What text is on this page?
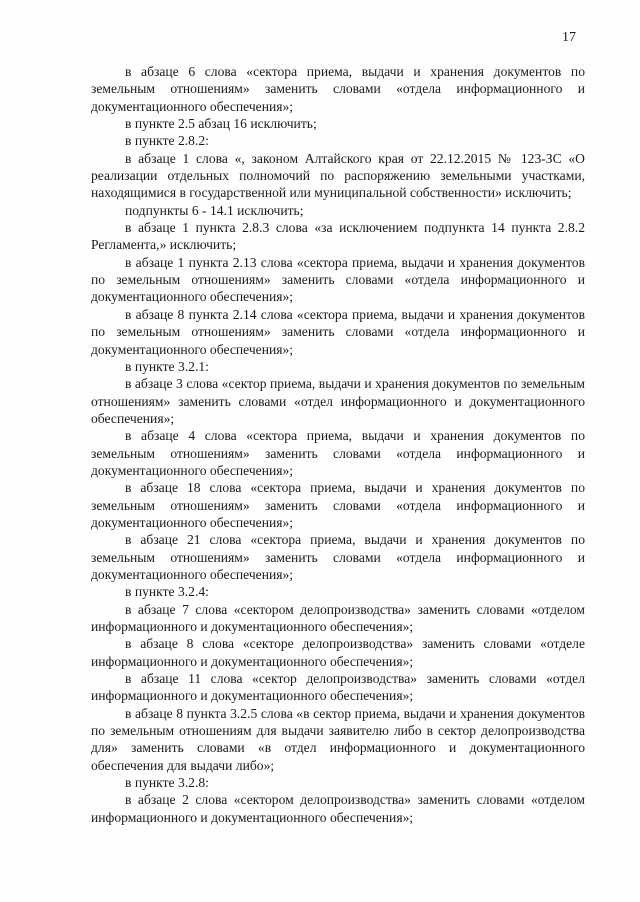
17

в абзаце 6 слова «сектора приема, выдачи и хранения документов по земельным отношениям» заменить словами «отдела информационного и документационного обеспечения»;

в пункте 2.5 абзац 16 исключить;

в пункте 2.8.2:

в абзаце 1 слова «, законом Алтайского края от 22.12.2015 № 123-ЗС «О реализации отдельных полномочий по распоряжению земельными участками, находящимися в государственной или муниципальной собственности» исключить;

подпункты 6 - 14.1 исключить;

в абзаце 1 пункта 2.8.3 слова «за исключением подпункта 14 пункта 2.8.2 Регламента,» исключить;

в абзаце 1 пункта 2.13 слова «сектора приема, выдачи и хранения документов по земельным отношениям» заменить словами «отдела информационного и документационного обеспечения»;

в абзаце 8 пункта 2.14 слова «сектора приема, выдачи и хранения документов по земельным отношениям» заменить словами «отдела информационного и документационного обеспечения»;

в пункте 3.2.1:

в абзаце 3 слова «сектор приема, выдачи и хранения документов по земельным отношениям» заменить словами «отдел информационного и документационного обеспечения»;

в абзаце 4 слова «сектора приема, выдачи и хранения документов по земельным отношениям» заменить словами «отдела информационного и документационного обеспечения»;

в абзаце 18 слова «сектора приема, выдачи и хранения документов по земельным отношениям» заменить словами «отдела информационного и документационного обеспечения»;

в абзаце 21 слова «сектора приема, выдачи и хранения документов по земельным отношениям» заменить словами «отдела информационного и документационного обеспечения»;

в пункте 3.2.4:

в абзаце 7 слова «сектором делопроизводства» заменить словами «отделом информационного и документационного обеспечения»;

в абзаце 8 слова «секторе делопроизводства» заменить словами «отделе информационного и документационного обеспечения»;

в абзаце 11 слова «сектор делопроизводства» заменить словами «отдел информационного и документационного обеспечения»;

в абзаце 8 пункта 3.2.5 слова «в сектор приема, выдачи и хранения документов по земельным отношениям для выдачи заявителю либо в сектор делопроизводства для» заменить словами «в отдел информационного и документационного обеспечения для выдачи либо»;

в пункте 3.2.8:

в абзаце 2 слова «сектором делопроизводства» заменить словами «отделом информационного и документационного обеспечения»;
